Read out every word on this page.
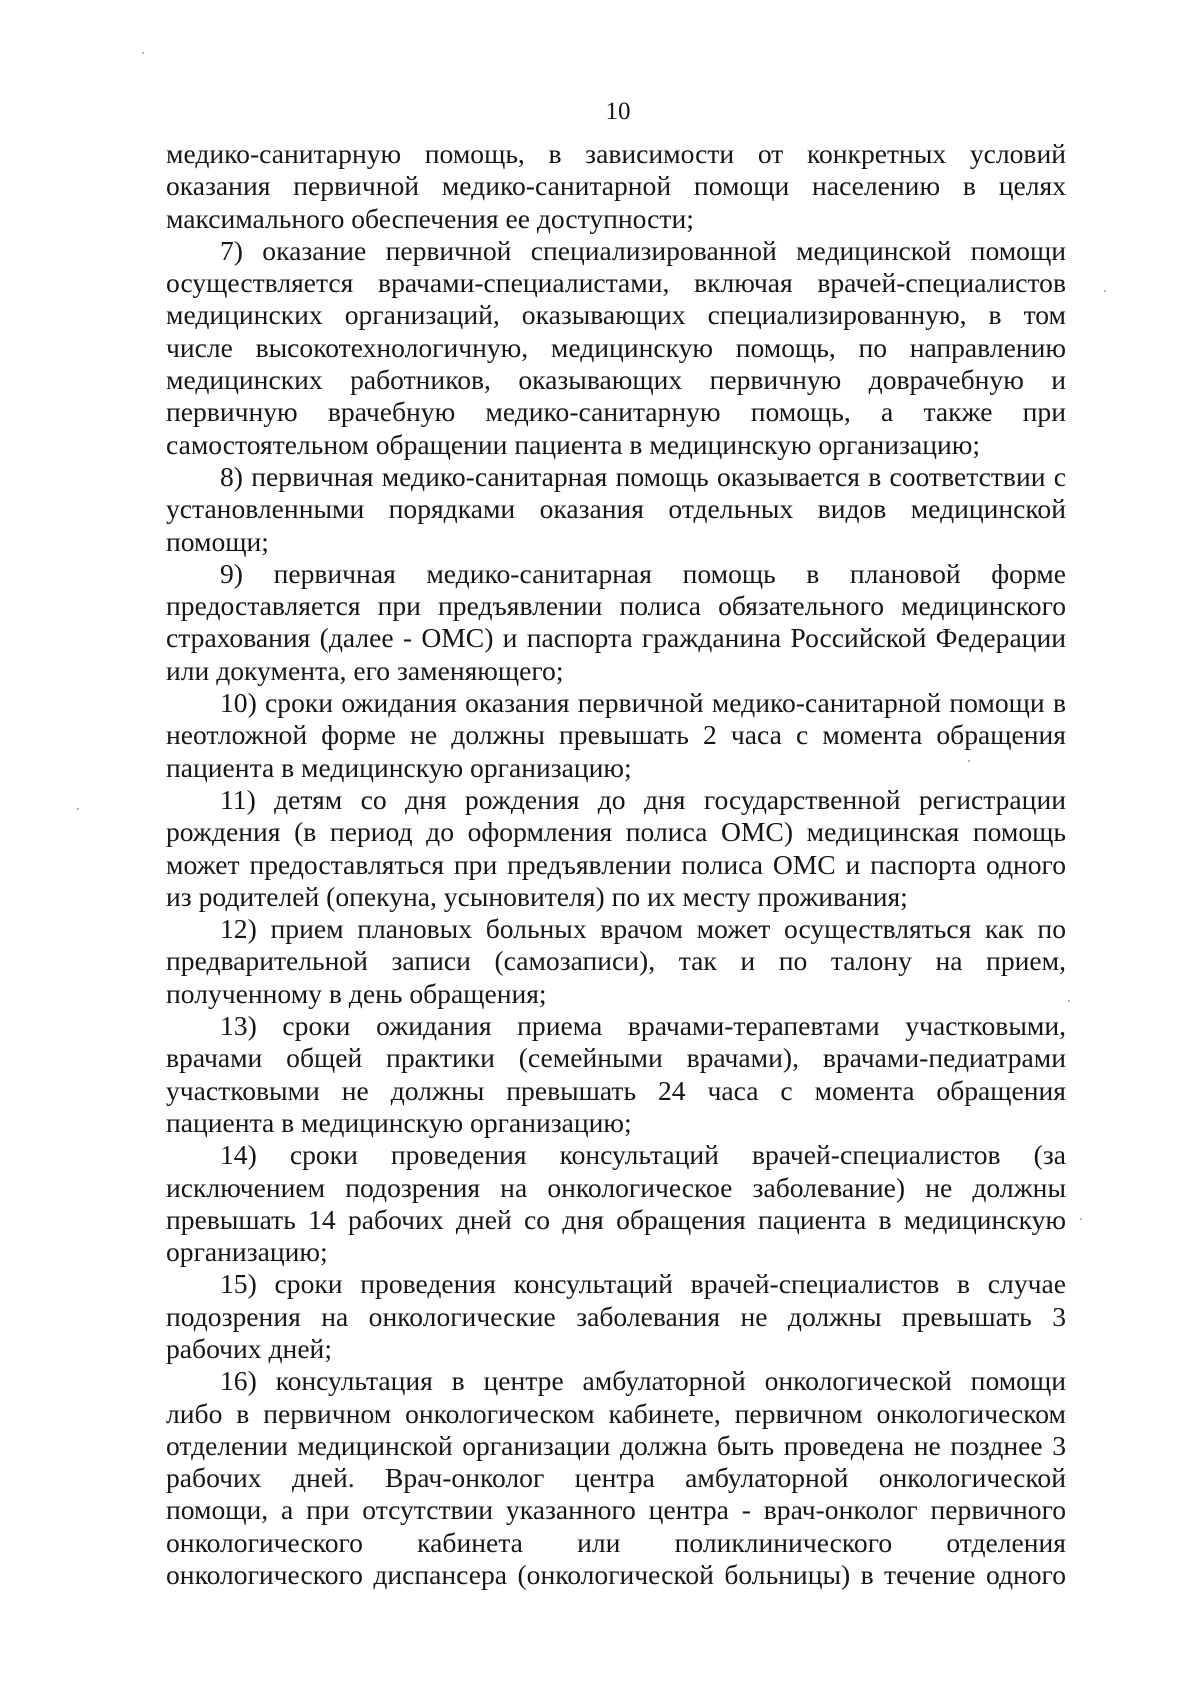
10

медико-санитарную помощь, в зависимости от конкретных условий

оказания первичной медико-санитарной помощи населению в целях

максимального обеспечения ее доступности;

7) оказание первичной специализированной медицинской помощи

осуществляется врачами-специалистами, включая врачей-специалистов

медицинских организаций, оказывающих специализированную, в том

числе высокотехнологичную, медицинскую помощь, по направлению

медицинских работников, оказывающих первичную доврачебную и

первичную врачебную медико-санитарную помощь, а также при

самостоятельном обращении пациента в медицинскую организацию;

8) первичная медико-санитарная помощь оказывается в соответствии с

установленными порядками оказания отдельных видов медицинской

помощи;

9) первичная медико-санитарная помощь в плановой форме

предоставляется при предъявлении полиса обязательного медицинского

страхования (далее - ОМС) и паспорта гражданина Российской Федерации

или документа, его заменяющего;

10) сроки ожидания оказания первичной медико-санитарной помощи в

неотложной форме не должны превышать 2 часа с момента обращения

пациента в медицинскую организацию;

11) детям со дня рождения до дня государственной регистрации

рождения (в период до оформления полиса ОМС) медицинская помощь

может предоставляться при предъявлении полиса ОМС и паспорта одного

из родителей (опекуна, усыновителя) по их месту проживания;

12) прием плановых больных врачом может осуществляться как по

предварительной записи (самозаписи), так и по талону на прием,

полученному в день обращения;

13) сроки ожидания приема врачами-терапевтами участковыми,

врачами общей практики (семейными врачами), врачами-педиатрами

участковыми не должны превышать 24 часа с момента обращения

пациента в медицинскую организацию;

14) сроки проведения консультаций врачей-специалистов (за

исключением подозрения на онкологическое заболевание) не должны

превышать 14 рабочих дней со дня обращения пациента в медицинскую

организацию;

15) сроки проведения консультаций врачей-специалистов в случае

подозрения на онкологические заболевания не должны превышать 3

рабочих дней;

16) консультация в центре амбулаторной онкологической помощи

либо в первичном онкологическом кабинете, первичном онкологическом

отделении медицинской организации должна быть проведена не позднее 3

рабочих дней. Врач-онколог центра амбулаторной онкологической

помощи, а при отсутствии указанного центра - врач-онколог первичного

онкологического кабинета или поликлинического отделения

онкологического диспансера (онкологической больницы) в течение одного
